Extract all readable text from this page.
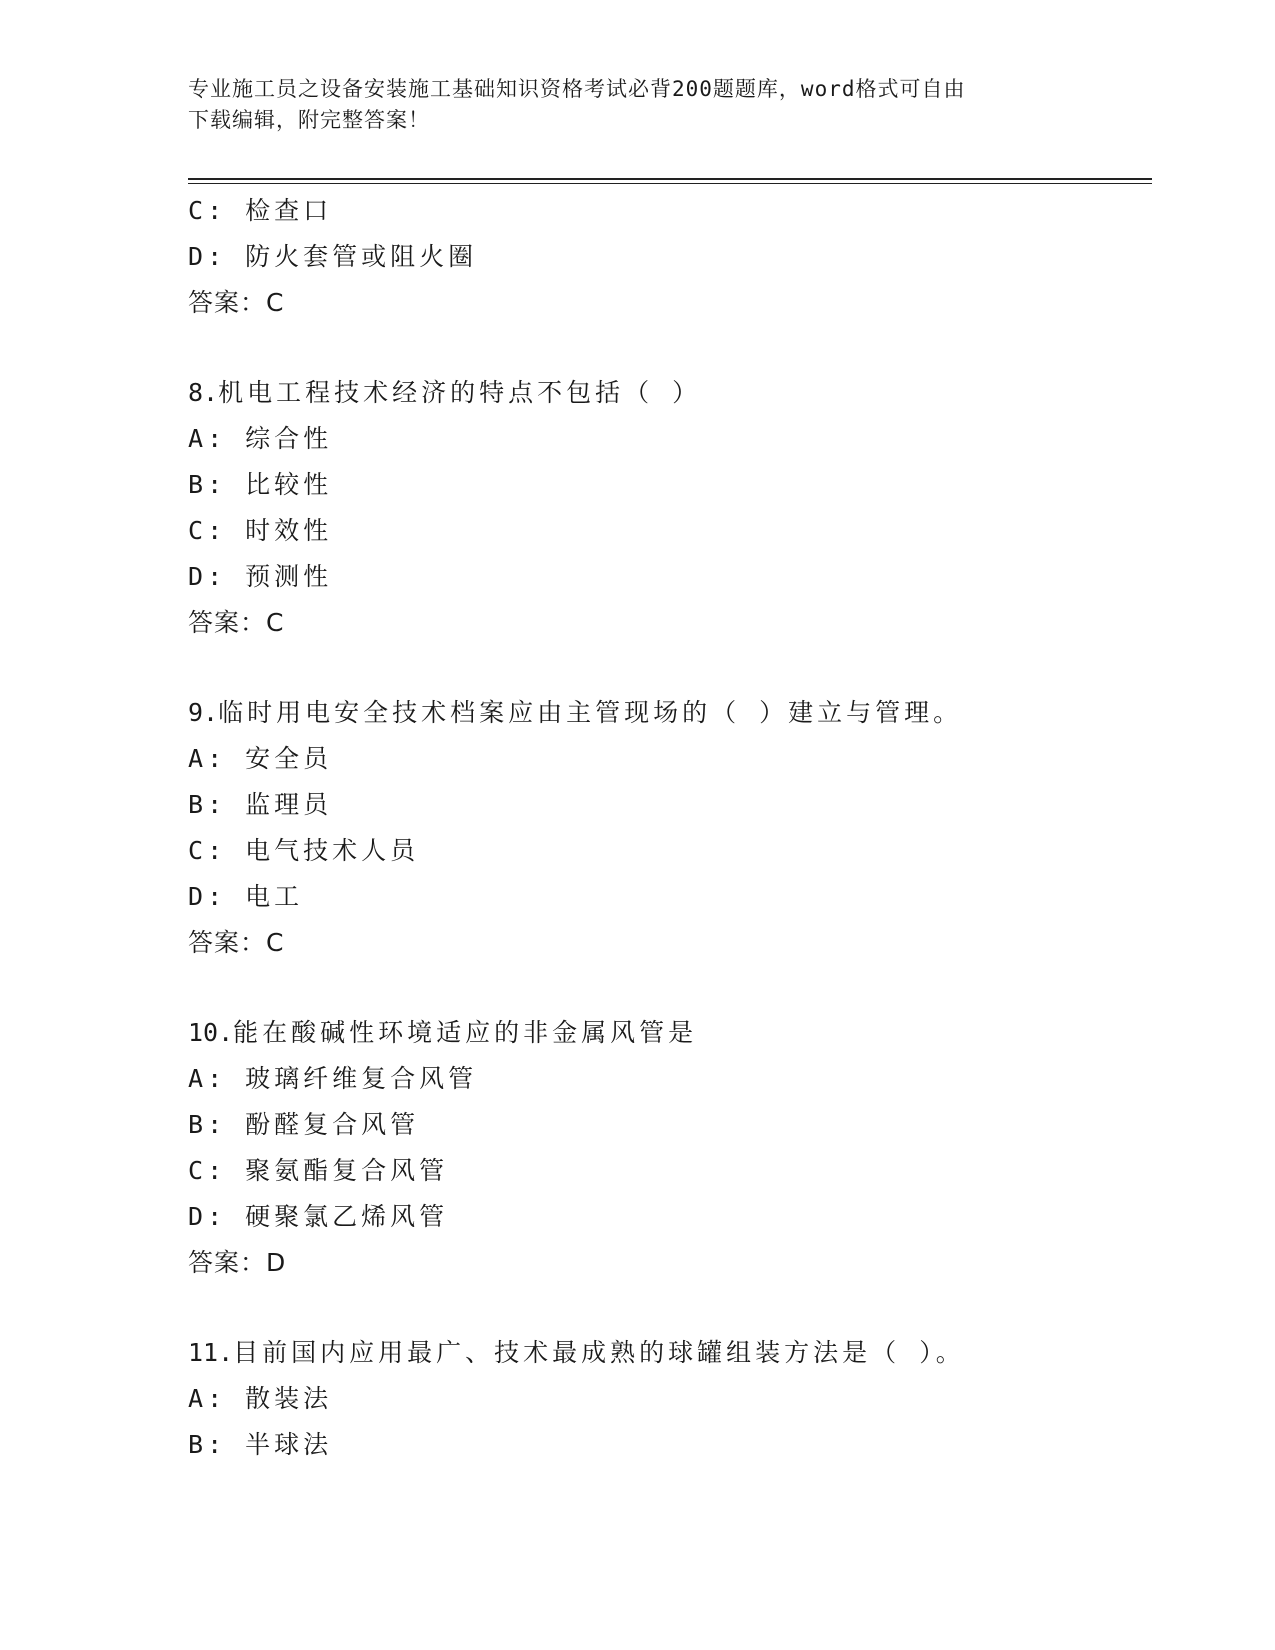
专业施工员之设备安装施工基础知识资格考试必背200题题库，word格式可自由
下载编辑，附完整答案！
C: 检查口
D: 防火套管或阻火圈
答案：C
8.机电工程技术经济的特点不包括（ ）
A: 综合性
B: 比较性
C: 时效性
D: 预测性
答案：C
9.临时用电安全技术档案应由主管现场的（ ）建立与管理。
A: 安全员
B: 监理员
C: 电气技术人员
D: 电工
答案：C
10.能在酸碱性环境适应的非金属风管是
A: 玻璃纤维复合风管
B: 酚醛复合风管
C: 聚氨酯复合风管
D: 硬聚氯乙烯风管
答案：D
11.目前国内应用最广、技术最成熟的球罐组装方法是（ ）。
A: 散装法
B: 半球法
